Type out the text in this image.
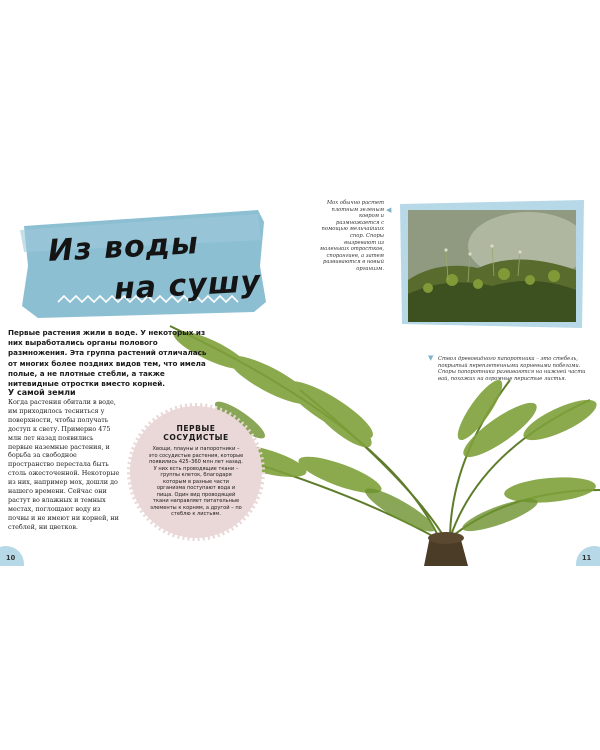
Из воды
на сушу
◀

Мох обычно растет плотным зеленым ковром и размножается с помощью мельчайших спор. Споры вызревают из маленьких отростков, спорангиев, а затем развиваются в новый организм.

▼ Ствол древовидного папоротника – это стебель, покрытый переплетенными корневыми побегами. Споры папоротника развиваются на нижней части вай, похожих на огромные перистые листья.

Первые растения жили в воде. У некоторых из них выработались органы полового размножения. Эта группа растений отличалась от многих более поздних видов тем, что имела полые, а не плотные стебли, а также нитевидные отростки вместо корней.

У самой земли

Когда растения обитали в воде, им приходилось тесниться у поверхности, чтобы получать доступ к свету. Примерно 475 млн лет назад появились первые наземные растения, и борьба за свободное пространство перестала быть столь ожесточенной. Некоторые из них, например мох, дошли до нашего времени. Сейчас они растут во влажных и темных местах, поглощают воду из почвы и не имеют ни корней, ни стеблей, ни цветков.

ПЕРВЫЕ СОСУДИСТЫЕ

Хвощи, плауны и папоротники – это сосудистые растения, которые появились 425–360 млн лет назад. У них есть проводящие ткани – группы клеток, благодаря которым в разные части организма поступают вода и пища. Один вид проводящей ткани направляет питательные элементы к корням, а другой – по стеблю к листьям.

10	11
